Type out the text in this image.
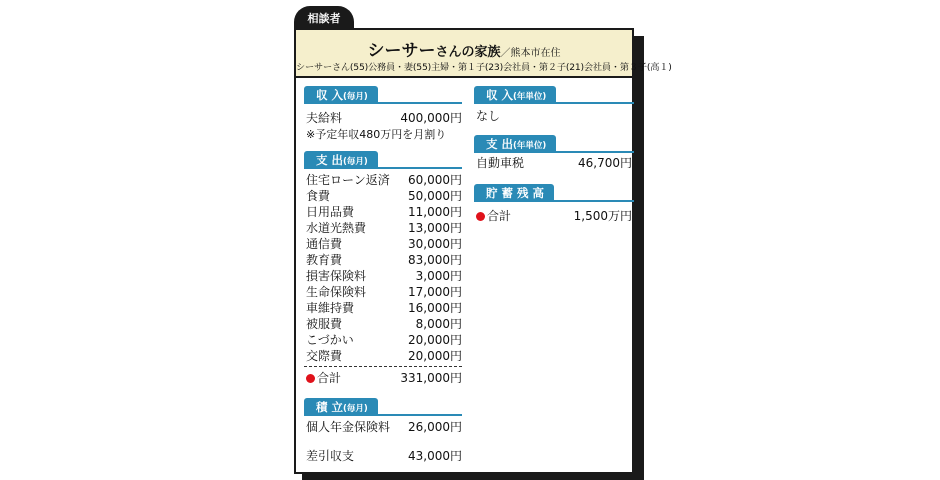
相談者
シーサーさんの家族／熊本市在住
シーサーさん(55)公務員・妻(55)主婦・第１子(23)会社員・第２子(21)会社員・第３子(高１)
収 入(毎月)
夫給料	400,000円
※予定年収480万円を月割り
支 出(毎月)
住宅ローン返済 60,000円
食費	50,000円
日用品費	11,000円
水道光熱費	13,000円
通信費	30,000円
教育費	83,000円
損害保険料	3,000円
生命保険料	17,000円
車維持費	16,000円
被服費	8,000円
こづかい	20,000円
交際費	20,000円
合計	331,000円
積 立(毎月)
個人年金保険料 26,000円
差引収支	43,000円
収 入(年単位)
なし
支 出(年単位)
自動車税	46,700円
貯 蓄 残 高
合計	1,500万円
